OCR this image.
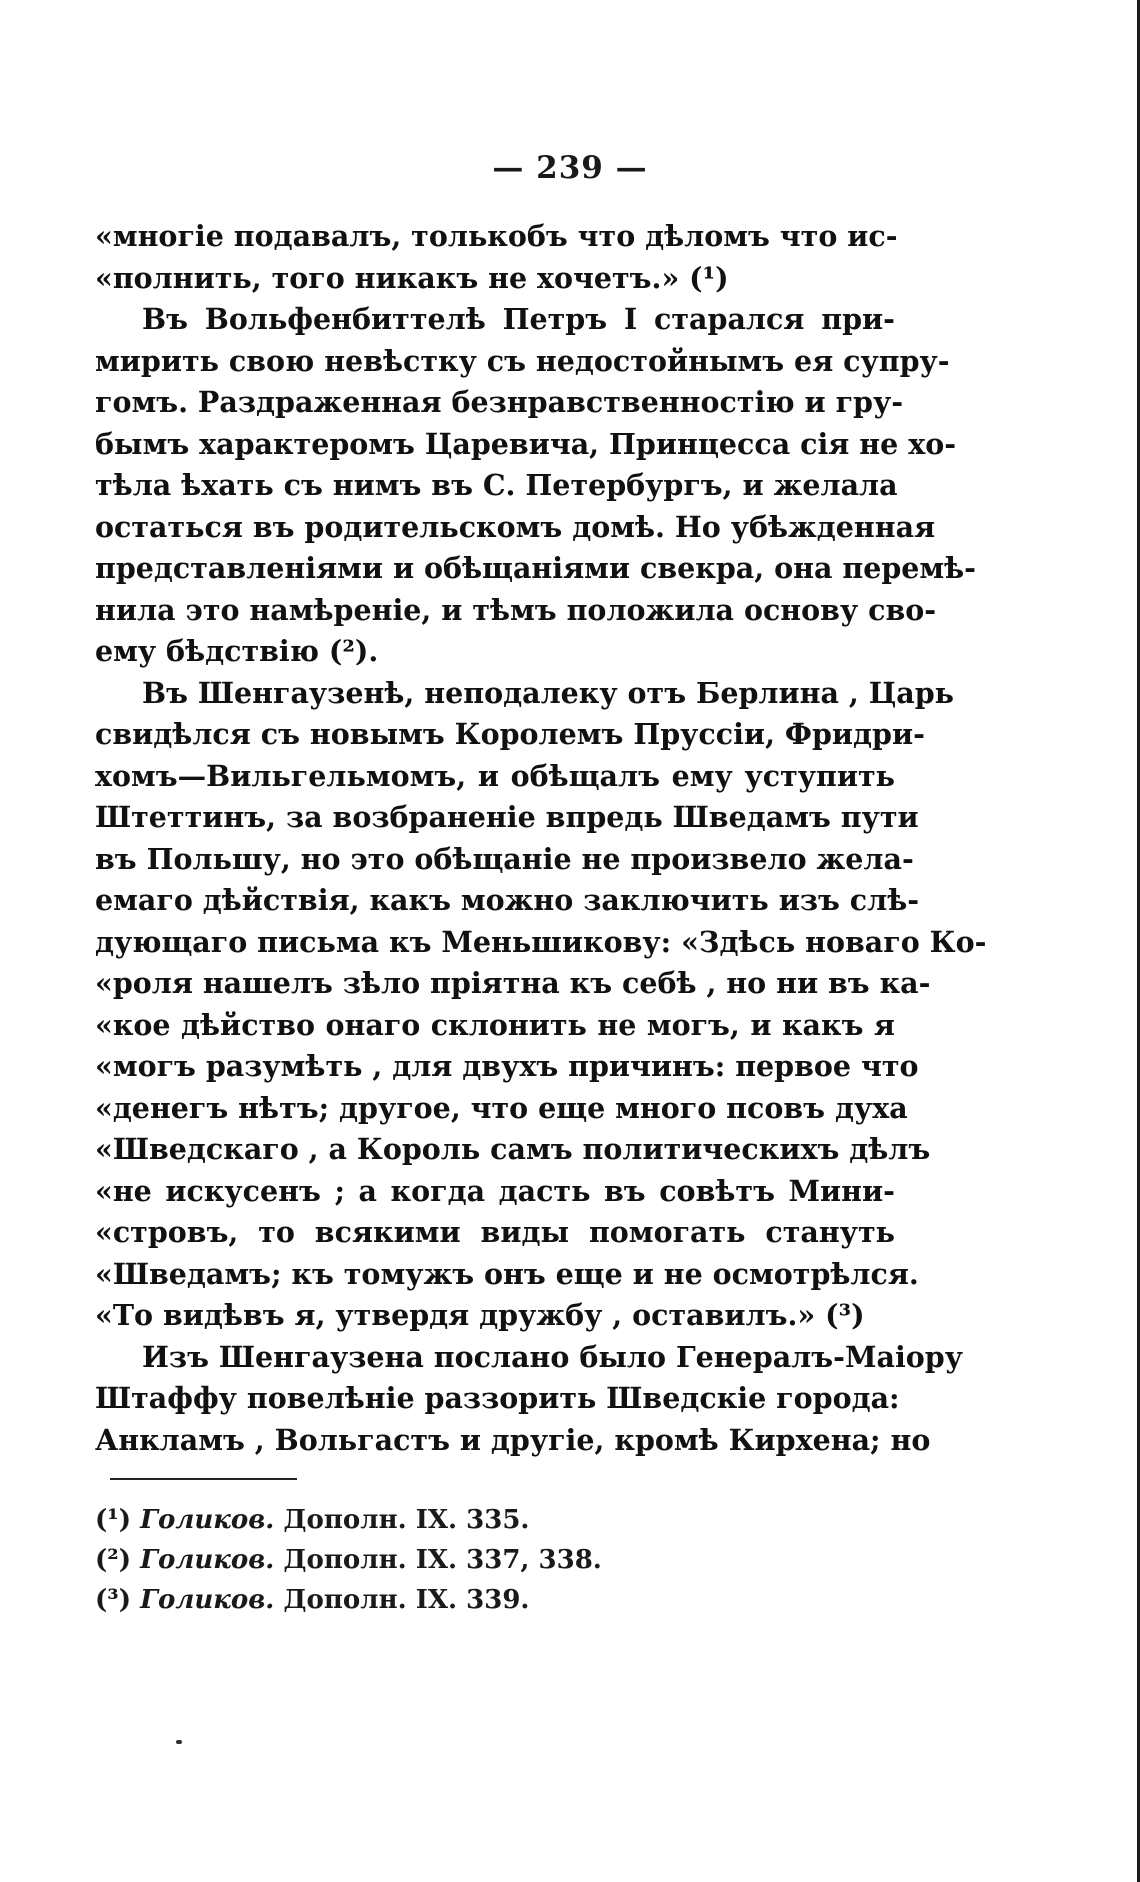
— 239 —
«многіе подавалъ, толькобъ что дѣломъ что ис-
«полнить, того никакъ не хочетъ.» (¹)
Въ Вольфенбиттелѣ Петръ I старался при-
мирить свою невѣстку съ недостойнымъ ея супру-
гомъ. Раздраженная безнравственностію и гру-
бымъ характеромъ Царевича, Принцесса сія не хо-
тѣла ѣхать съ нимъ въ С. Петербургъ, и желала
остаться въ родительскомъ домѣ. Но убѣжденная
представленіями и обѣщаніями свекра, она перемѣ-
нила это намѣреніе, и тѣмъ положила основу сво-
ему бѣдствію (²).
Въ Шенгаузенѣ, неподалеку отъ Берлина , Царь
свидѣлся съ новымъ Королемъ Пруссіи, Фридри-
хомъ—Вильгельмомъ, и обѣщалъ ему уступить
Штеттинъ, за возбраненіе впредь Шведамъ пути
въ Польшу, но это обѣщаніе не произвело жела-
емаго дѣйствія, какъ можно заключить изъ слѣ-
дующаго письма къ Меньшикову: «Здѣсь новаго Ко-
«роля нашелъ зѣло пріятна къ себѣ , но ни въ ка-
«кое дѣйство онаго склонить не могъ, и какъ я
«могъ разумѣть , для двухъ причинъ: первое что
«денегъ нѣтъ; другое, что еще много псовъ духа
«Шведскаго , а Король самъ политическихъ дѣлъ
«не искусенъ ; а когда дасть въ совѣтъ Мини-
«стровъ, то всякими виды помогать стануть
«Шведамъ; къ томужъ онъ еще и не осмотрѣлся.
«То видѣвъ я, утвердя дружбу , оставилъ.» (³)
Изъ Шенгаузена послано было Генералъ-Маіору
Штаффу повелѣніе раззорить Шведскіе города:
Анкламъ , Вольгастъ и другіе, кромѣ Кирхена; но
(¹) Голиков. Дополн. IX. 335.
(²) Голиков. Дополн. IX. 337, 338.
(³) Голиков. Дополн. IX. 339.
